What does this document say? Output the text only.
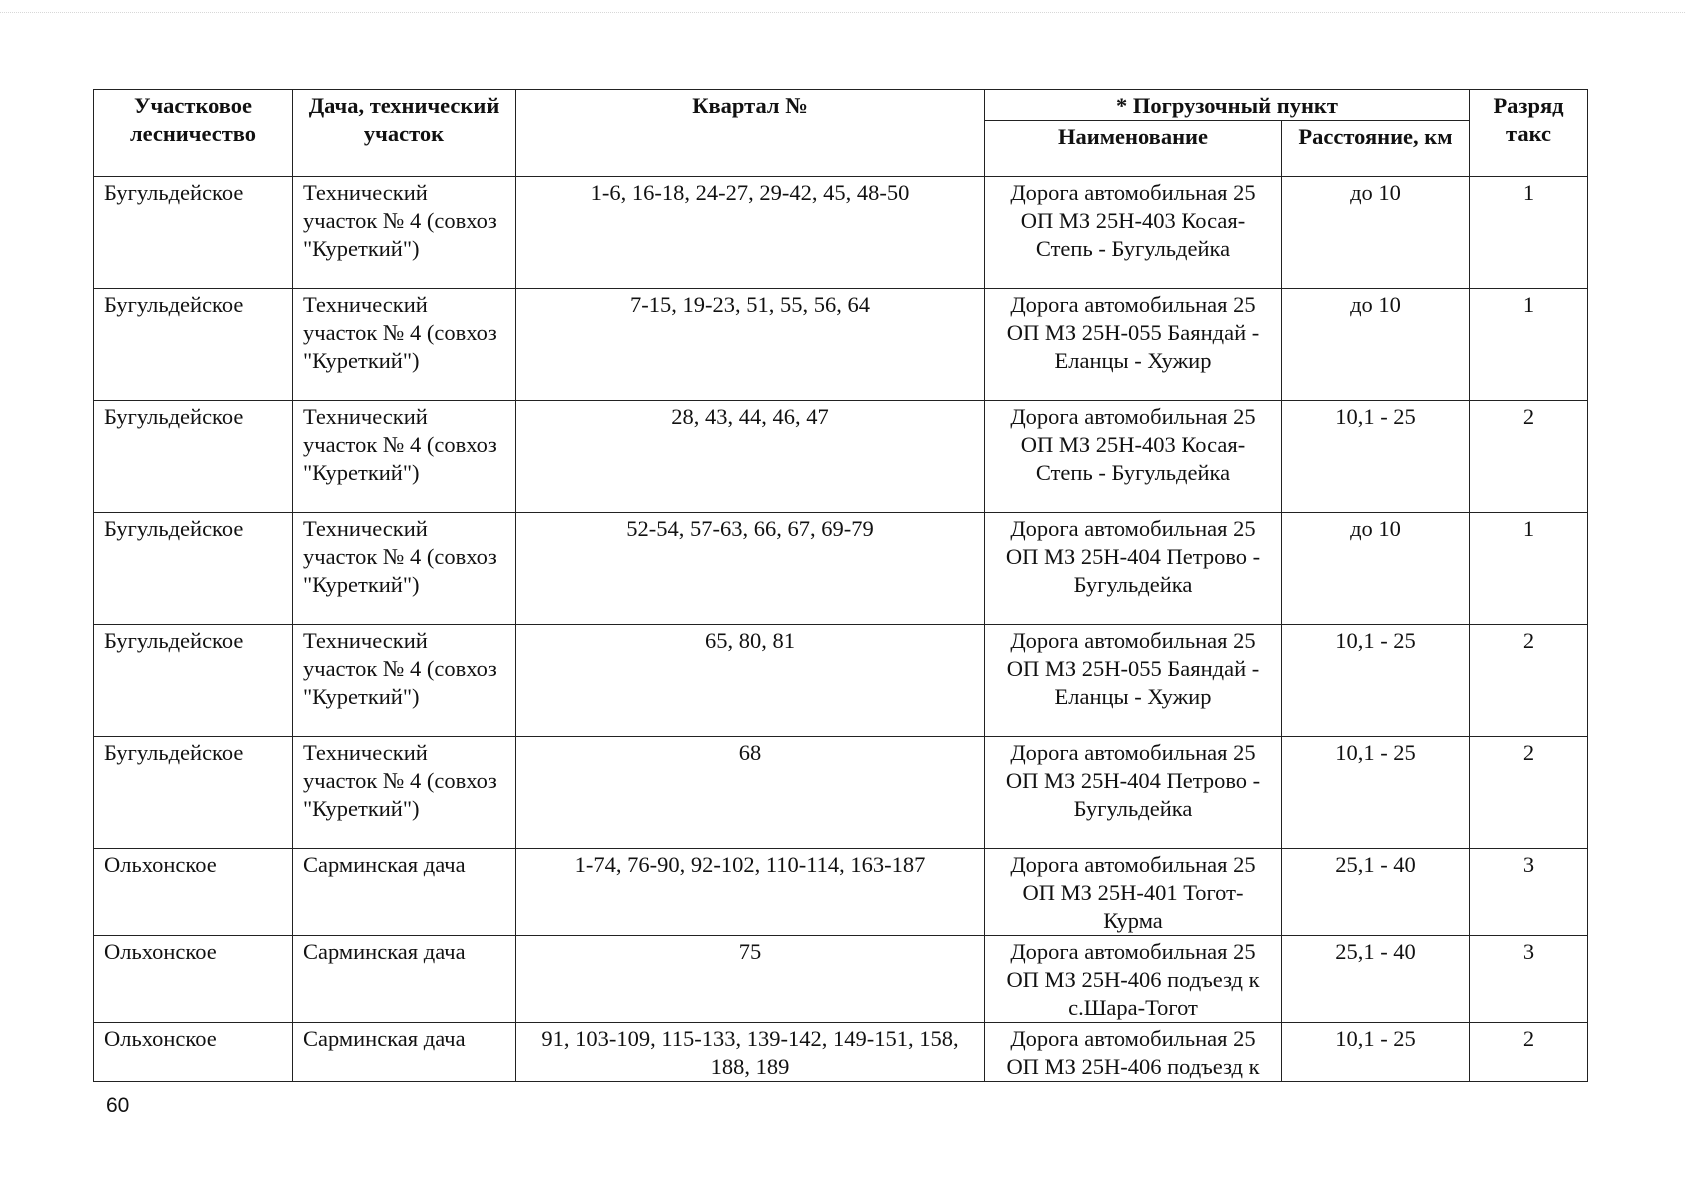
Участковое лесничество	Дача, технический участок	Квартал №	* Погрузочный пункт		Разряд такс
			Наименование	Расстояние, км	
Бугульдейское	Технический участок № 4 (совхоз "Куреткий")	1-6, 16-18, 24-27, 29-42, 45, 48-50	Дорога автомобильная 25 ОП МЗ 25Н-403 Косая-Степь - Бугульдейка	до 10	1
Бугульдейское	Технический участок № 4 (совхоз "Куреткий")	7-15, 19-23, 51, 55, 56, 64	Дорога автомобильная 25 ОП МЗ 25Н-055 Баяндай - Еланцы - Хужир	до 10	1
Бугульдейское	Технический участок № 4 (совхоз "Куреткий")	28, 43, 44, 46, 47	Дорога автомобильная 25 ОП МЗ 25Н-403 Косая-Степь - Бугульдейка	10,1 - 25	2
Бугульдейское	Технический участок № 4 (совхоз "Куреткий")	52-54, 57-63, 66, 67, 69-79	Дорога автомобильная 25 ОП МЗ 25Н-404 Петрово - Бугульдейка	до 10	1
Бугульдейское	Технический участок № 4 (совхоз "Куреткий")	65, 80, 81	Дорога автомобильная 25 ОП МЗ 25Н-055 Баяндай - Еланцы - Хужир	10,1 - 25	2
Бугульдейское	Технический участок № 4 (совхоз "Куреткий")	68	Дорога автомобильная 25 ОП МЗ 25Н-404 Петрово - Бугульдейка	10,1 - 25	2
Ольхонское	Сарминская дача	1-74, 76-90, 92-102, 110-114, 163-187	Дорога автомобильная 25 ОП МЗ 25Н-401 Тогот-Курма	25,1 - 40	3
Ольхонское	Сарминская дача	75	Дорога автомобильная 25 ОП МЗ 25Н-406 подъезд к с.Шара-Тогот	25,1 - 40	3
Ольхонское	Сарминская дача	91, 103-109, 115-133, 139-142, 149-151, 158, 188, 189	Дорога автомобильная 25 ОП МЗ 25Н-406 подъезд к	10,1 - 25	2
60
